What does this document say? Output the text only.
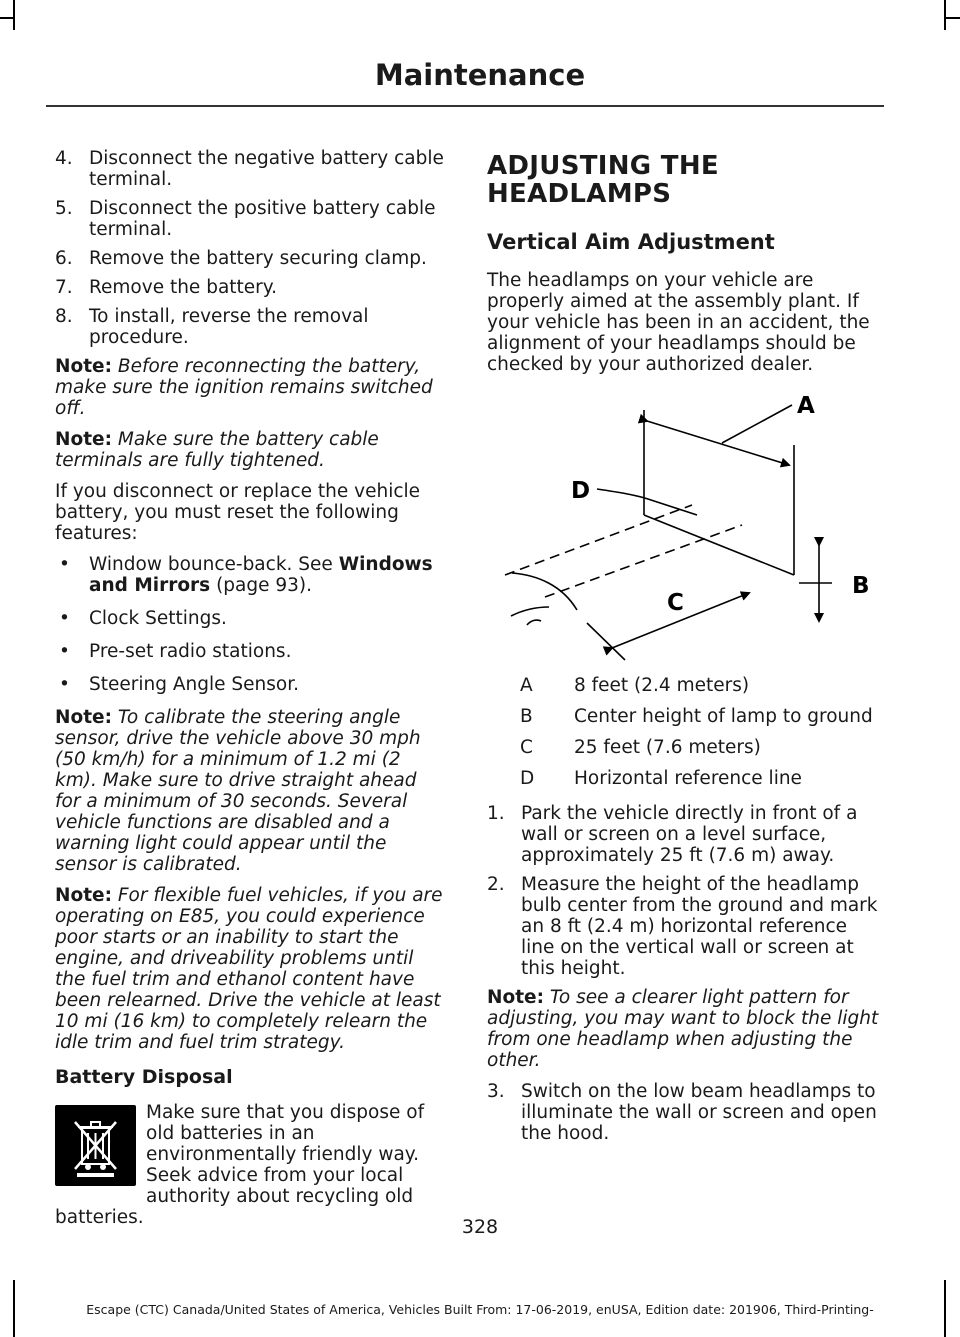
Maintenance
4. Disconnect the negative battery cable terminal.
5. Disconnect the positive battery cable terminal.
6. Remove the battery securing clamp.
7. Remove the battery.
8. To install, reverse the removal procedure.

Note: Before reconnecting the battery, make sure the ignition remains switched off.

Note: Make sure the battery cable terminals are fully tightened.

If you disconnect or replace the vehicle battery, you must reset the following features:

• Window bounce-back. See Windows and Mirrors (page 93).
• Clock Settings.
• Pre-set radio stations.
• Steering Angle Sensor.

Note: To calibrate the steering angle sensor, drive the vehicle above 30 mph (50 km/h) for a minimum of 1.2 mi (2 km). Make sure to drive straight ahead for a minimum of 30 seconds. Several vehicle functions are disabled and a warning light could appear until the sensor is calibrated.

Note: For flexible fuel vehicles, if you are operating on E85, you could experience poor starts or an inability to start the engine, and driveability problems until the fuel trim and ethanol content have been relearned. Drive the vehicle at least 10 mi (16 km) to completely relearn the idle trim and fuel trim strategy.

Battery Disposal
Make sure that you dispose of old batteries in an environmentally friendly way. Seek advice from your local authority about recycling old batteries.
ADJUSTING THE HEADLAMPS
Vertical Aim Adjustment

The headlamps on your vehicle are properly aimed at the assembly plant. If your vehicle has been in an accident, the alignment of your headlamps should be checked by your authorized dealer.

A
D
B
C
A	8 feet (2.4 meters)
B	Center height of lamp to ground
C	25 feet (7.6 meters)
D	Horizontal reference line
1. Park the vehicle directly in front of a wall or screen on a level surface, approximately 25 ft (7.6 m) away.
2. Measure the height of the headlamp bulb center from the ground and mark an 8 ft (2.4 m) horizontal reference line on the vertical wall or screen at this height.

Note: To see a clearer light pattern for adjusting, you may want to block the light from one headlamp when adjusting the other.

3. Switch on the low beam headlamps to illuminate the wall or screen and open the hood.
328
Escape (CTC) Canada/United States of America, Vehicles Built From: 17-06-2019, enUSA, Edition date: 201906, Third-Printing-
